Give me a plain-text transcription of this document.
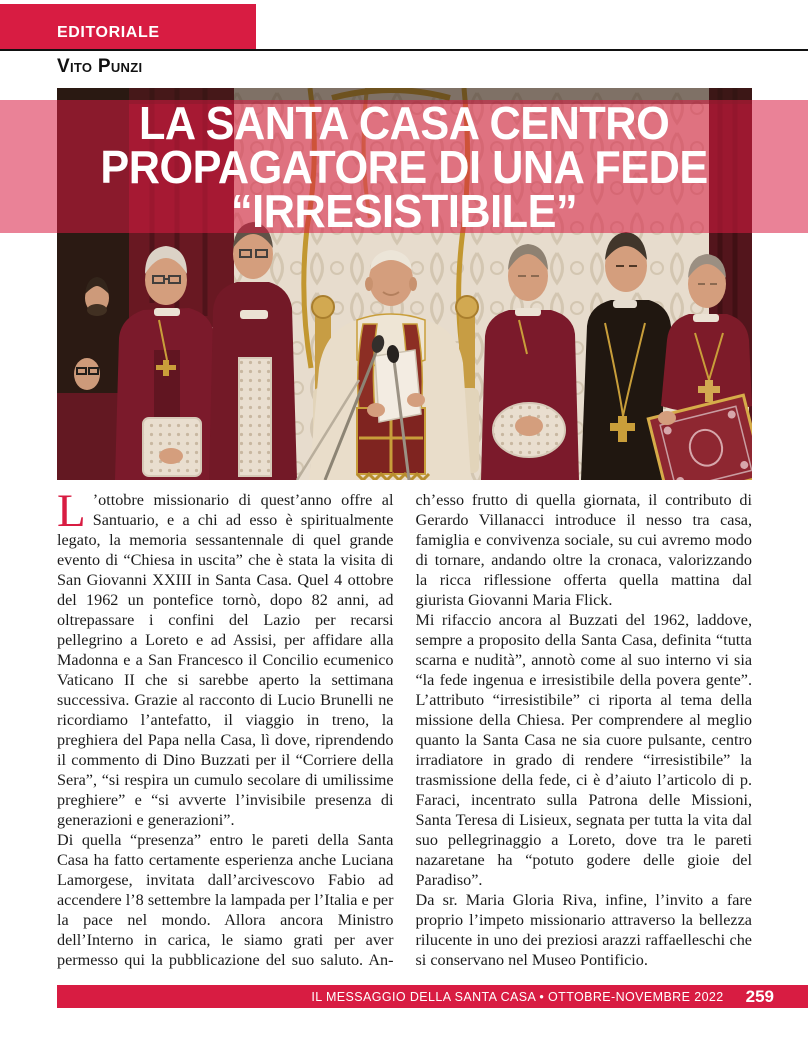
EDITORIALE
Vito Punzi
LA SANTA CASA CENTRO
PROPAGATORE DI UNA FEDE
“IRRESISTIBILE”

L ’ottobre missionario di quest’anno offre al Santuario, e a chi ad esso è spiritualmente legato, la memoria sessantennale di quel grande evento di “Chiesa in uscita” che è stata la visita di San Giovanni XXIII in Santa Casa. Quel 4 ottobre del 1962 un pontefice tornò, dopo 82 anni, ad oltrepassare i confini del Lazio per recarsi pellegrino a Loreto e ad Assisi, per affidare alla Madonna e a San Francesco il Concilio ecumenico Vaticano II che si sarebbe aperto la settimana successiva. Grazie al racconto di Lucio Brunelli ne ricordiamo l’antefatto, il viaggio in treno, la preghiera del Papa nella Casa, lì dove, riprendendo il commento di Dino Buzzati per il “Corriere della Sera”, “si respira un cumulo secolare di umilissime preghiere” e “si avverte l’invisibile presenza di generazioni e generazioni”.

Di quella “presenza” entro le pareti della Santa Casa ha fatto certamente esperienza anche Luciana Lamorgese, invitata dall’arcivescovo Fabio ad accendere l’8 settembre la lampada per l’Italia e per la pace nel mondo. Allora ancora Ministro dell’Interno in carica, le siamo grati per aver permesso qui la pubblicazione del suo saluto. An-

ch’esso frutto di quella giornata, il contributo di Gerardo Villanacci introduce il nesso tra casa, famiglia e convivenza sociale, su cui avremo modo di tornare, andando oltre la cronaca, valorizzando la ricca riflessione offerta quella mattina dal giurista Giovanni Maria Flick.

Mi rifaccio ancora al Buzzati del 1962, laddove, sempre a proposito della Santa Casa, definita “tutta scarna e nudità”, annotò come al suo interno vi sia “la fede ingenua e irresistibile della povera gente”. L’attributo “irresistibile” ci riporta al tema della missione della Chiesa. Per comprendere al meglio quanto la Santa Casa ne sia cuore pulsante, centro irradiatore in grado di rendere “irresistibile” la trasmissione della fede, ci è d’aiuto l’articolo di p. Faraci, incentrato sulla Patrona delle Missioni, Santa Teresa di Lisieux, segnata per tutta la vita dal suo pellegrinaggio a Loreto, dove tra le pareti nazaretane ha “potuto godere delle gioie del Paradiso”.

Da sr. Maria Gloria Riva, infine, l’invito a fare proprio l’impeto missionario attraverso la bellezza rilucente in uno dei preziosi arazzi raffaelleschi che si conservano nel Museo Pontificio.

IL MESSAGGIO DELLA SANTA CASA • OTTOBRE-NOVEMBRE 2022 259
